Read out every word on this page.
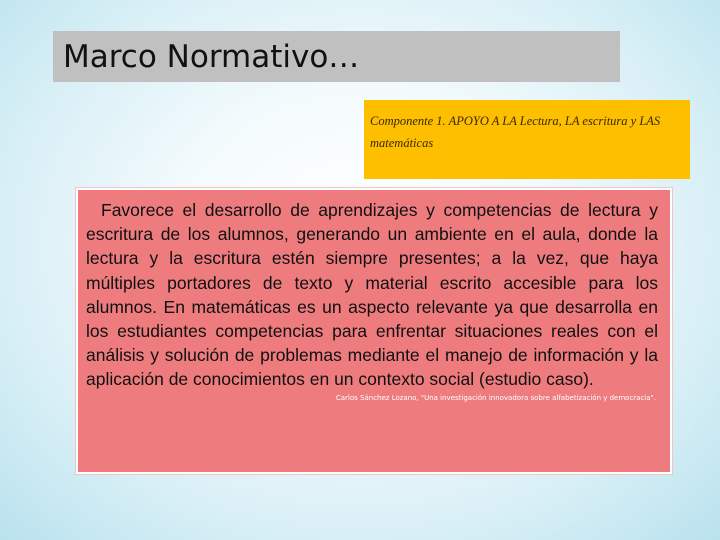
Marco Normativo…
Componente 1. APOYO A LA Lectura, LA escritura y LAS matemáticas

Favorece el desarrollo de aprendizajes y competencias de lectura y escritura de los alumnos, generando un ambiente en el aula, donde la lectura y la escritura estén siempre presentes; a la vez, que haya múltiples portadores de texto y material escrito accesible para los alumnos. En matemáticas es un aspecto relevante ya que desarrolla en los estudiantes competencias para enfrentar situaciones reales con el análisis y solución de problemas mediante el manejo de información y la aplicación de conocimientos en un contexto social (estudio caso).

Carlos Sánchez Lozano, "Una investigación innovadora sobre alfabetización y democracia".
